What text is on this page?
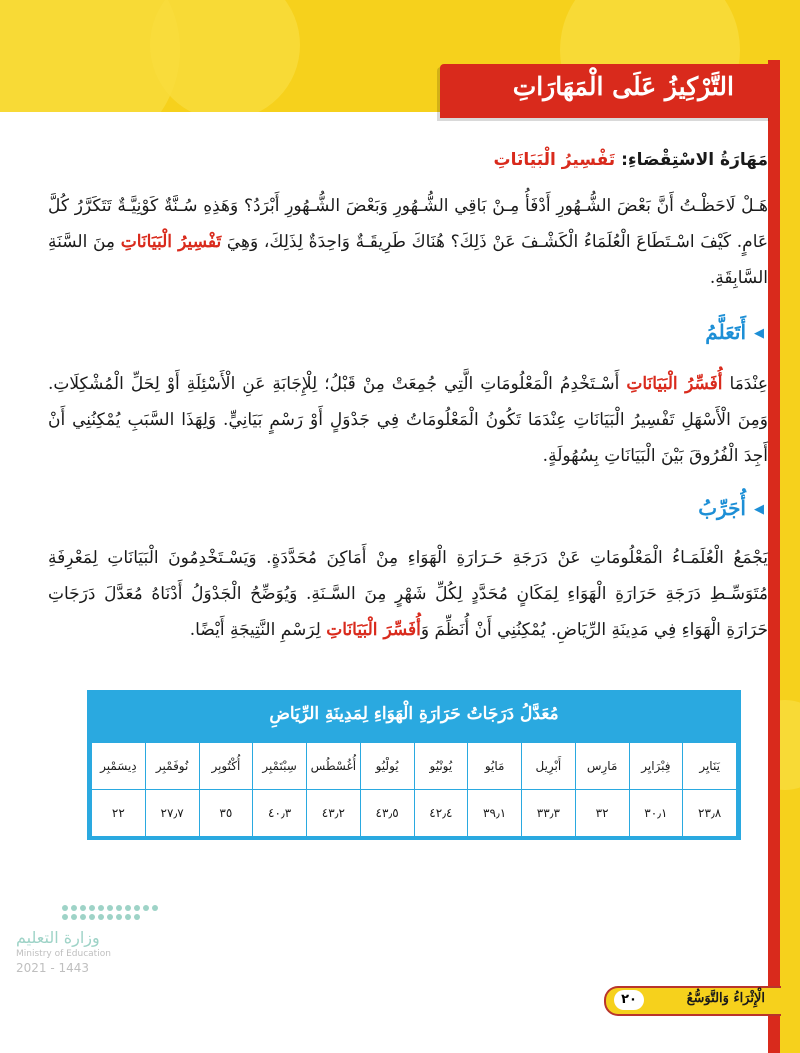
التَّرْكِيزُ عَلَى الْمَهَارَاتِ
مَهَارَةُ الاسْتِقْصَاءِ: تَفْسِيرُ الْبَيَانَاتِ
هَـلْ لَاحَظْـتُ أَنَّ بَعْضَ الشُّـهُورِ أَدْفَأُ مِـنْ بَاقِي الشُّـهُورِ وَبَعْضَ الشُّـهُورِ أَبْرَدُ؟ وَهَذِهِ سُـنَّةٌ كَوْنِيَّـةٌ تَتَكَرَّرُ كُلَّ عَامٍ. كَيْفَ اسْـتَطَاعَ الْعُلَمَاءُ الْكَشْـفَ عَنْ ذَلِكَ؟ هُنَاكَ طَرِيقَـةٌ وَاحِدَةٌ لِذَلِكَ، وَهِيَ تَفْسِيرُ الْبَيَانَاتِ مِنَ السَّنَةِ السَّابِقَةِ.
◀أَتَعَلَّمُ
عِنْدَمَا أُفَسِّرُ الْبَيَانَاتِ أَسْـتَخْدِمُ الْمَعْلُومَاتِ الَّتِي جُمِعَتْ مِنْ قَبْلُ؛ لِلْإِجَابَةِ عَنِ الْأَسْئِلَةِ أَوْ لِحَلِّ الْمُشْكِلَاتِ. وَمِنَ الْأَسْهَلِ تَفْسِيرُ الْبَيَانَاتِ عِنْدَمَا تَكُونُ الْمَعْلُومَاتُ فِي جَدْوَلٍ أَوْ رَسْمٍ بَيَانِيٍّ. وَلِهَذَا السَّبَبِ يُمْكِنُنِي أَنْ أَجِدَ الْفُرُوقَ بَيْنَ الْبَيَانَاتِ بِسُهُولَةٍ.
◀أُجَرِّبُ
يَجْمَعُ الْعُلَمَـاءُ الْمَعْلُومَاتِ عَنْ دَرَجَةِ حَـرَارَةِ الْهَوَاءِ مِنْ أَمَاكِنَ مُحَدَّدَةٍ. وَيَسْـتَخْدِمُونَ الْبَيَانَاتِ لِمَعْرِفَةِ مُتَوَسِّـطِ دَرَجَةِ حَرَارَةِ الْهَوَاءِ لِمَكَانٍ مُحَدَّدٍ لِكُلِّ شَهْرٍ مِنَ السَّـنَةِ. وَيُوَضِّحُ الْجَدْوَلُ أَدْنَاهُ مُعَدَّلَ دَرَجَاتِ حَرَارَةِ الْهَوَاءِ فِي مَدِينَةِ الرِّيَاضِ. يُمْكِنُنِي أَنْ أُنَظِّمَ وَأُفَسِّرَ الْبَيَانَاتِ لِرَسْمِ النَّتِيجَةِ أَيْضًا.
مُعَدَّلُ دَرَجَاتُ حَرَارَةِ الْهَوَاءِ لِمَدِينَةِ الرِّيَاضِ
يَنَايِر	فِبْرَايِر	مَارِس	أَبْرِيل	مَايُو	يُونْيُو	يُولْيُو	أُغُسْطُس	سِبْتَمْبِر	أُكْتُوبِر	نُوفَمْبِر	دِيسَمْبِر
٢٣٫٨	٣٠٫١	٣٢	٣٣٫٣	٣٩٫١	٤٢٫٤	٤٣٫٥	٤٣٫٢	٤٠٫٣	٣٥	٢٧٫٧	٢٢
وزارة التعليم
Ministry of Education
2021 - 1443
الْإِثْرَاءُ وَالتَّوَسُّعُ
٢٠
